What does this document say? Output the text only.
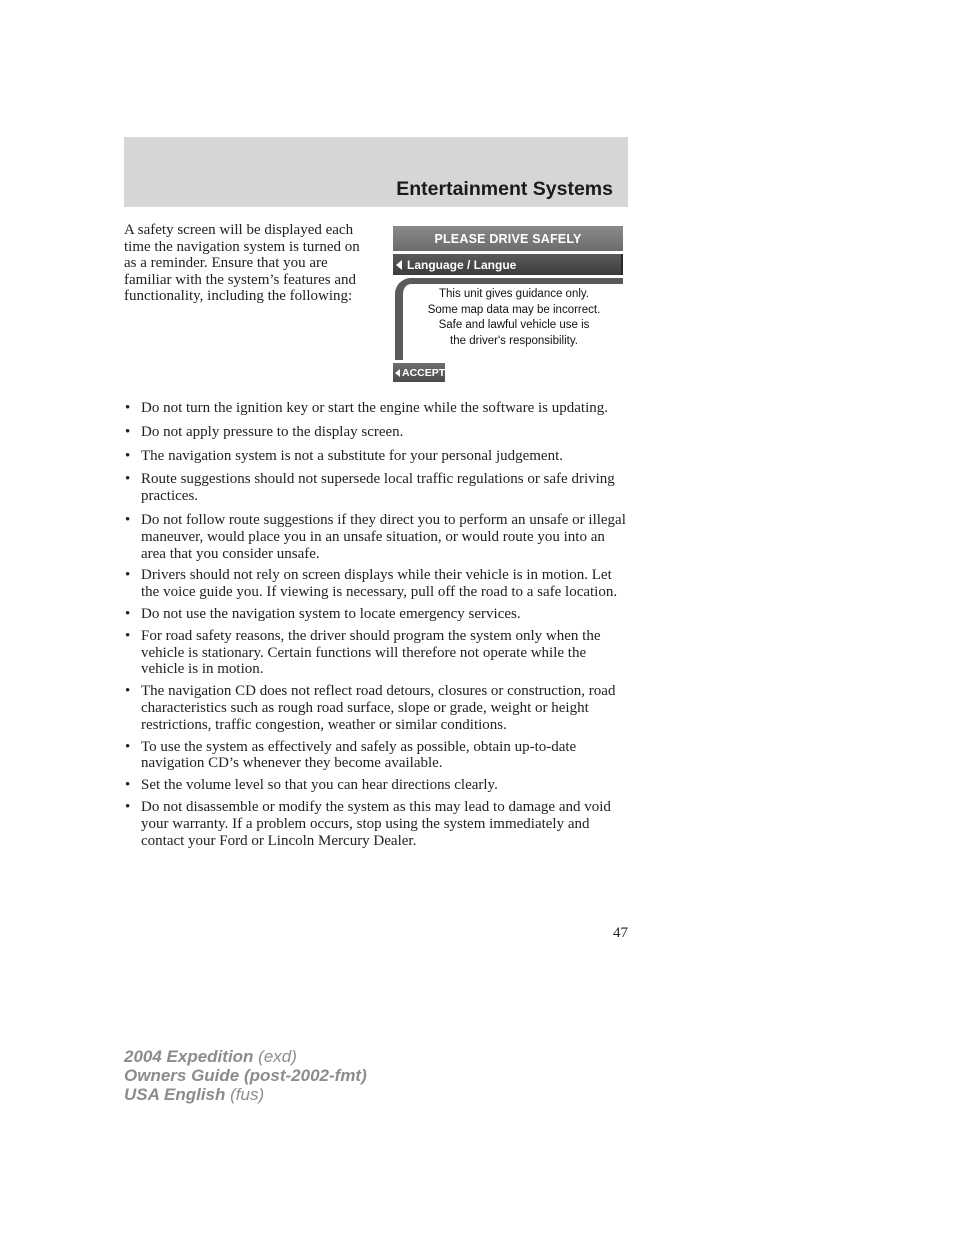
Entertainment Systems

A safety screen will be displayed each time the navigation system is turned on as a reminder. Ensure that you are familiar with the system’s features and functionality, including the following:

PLEASE DRIVE SAFELY
Language / Langue
This unit gives guidance only.
Some map data may be incorrect.
Safe and lawful vehicle use is
the driver's responsibility.
ACCEPT
• Do not turn the ignition key or start the engine while the software is updating.
• Do not apply pressure to the display screen.
• The navigation system is not a substitute for your personal judgement.
• Route suggestions should not supersede local traffic regulations or safe driving practices.
• Do not follow route suggestions if they direct you to perform an unsafe or illegal maneuver, would place you in an unsafe situation, or would route you into an area that you consider unsafe.
• Drivers should not rely on screen displays while their vehicle is in motion. Let the voice guide you. If viewing is necessary, pull off the road to a safe location.
• Do not use the navigation system to locate emergency services.
• For road safety reasons, the driver should program the system only when the vehicle is stationary. Certain functions will therefore not operate while the vehicle is in motion.
• The navigation CD does not reflect road detours, closures or construction, road characteristics such as rough road surface, slope or grade, weight or height restrictions, traffic congestion, weather or similar conditions.
• To use the system as effectively and safely as possible, obtain up-to-date navigation CD’s whenever they become available.
• Set the volume level so that you can hear directions clearly.
• Do not disassemble or modify the system as this may lead to damage and void your warranty. If a problem occurs, stop using the system immediately and contact your Ford or Lincoln Mercury Dealer.
47
2004 Expedition (exd)
Owners Guide (post-2002-fmt)
USA English (fus)
